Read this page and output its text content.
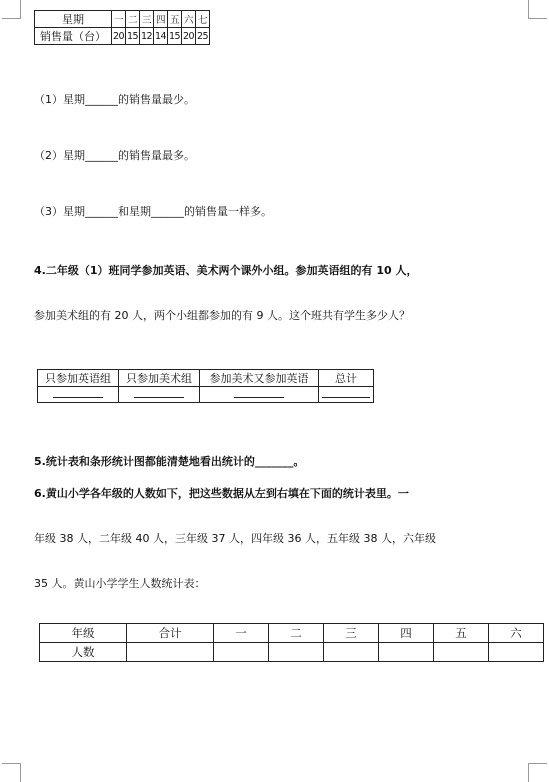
星期	一	二	三	四	五	六	七
销售量（台）	20	15	12	14	15	20	25
（1）星期______的销售量最少。
（2）星期______的销售量最多。
（3）星期______和星期______的销售量一样多。
4.二年级（1）班同学参加英语、美术两个课外小组。参加英语组的有 10 人，
参加美术组的有 20 人，两个小组都参加的有 9 人。这个班共有学生多少人？
只参加英语组	只参加美术组	参加美术又参加英语	总计

5.统计表和条形统计图都能清楚地看出统计的_______。
6.黄山小学各年级的人数如下，把这些数据从左到右填在下面的统计表里。一
年级 38 人，二年级 40 人，三年级 37 人，四年级 36 人，五年级 38 人，六年级
35 人。黄山小学学生人数统计表：
年级	合计	一	二	三	四	五	六
人数							
